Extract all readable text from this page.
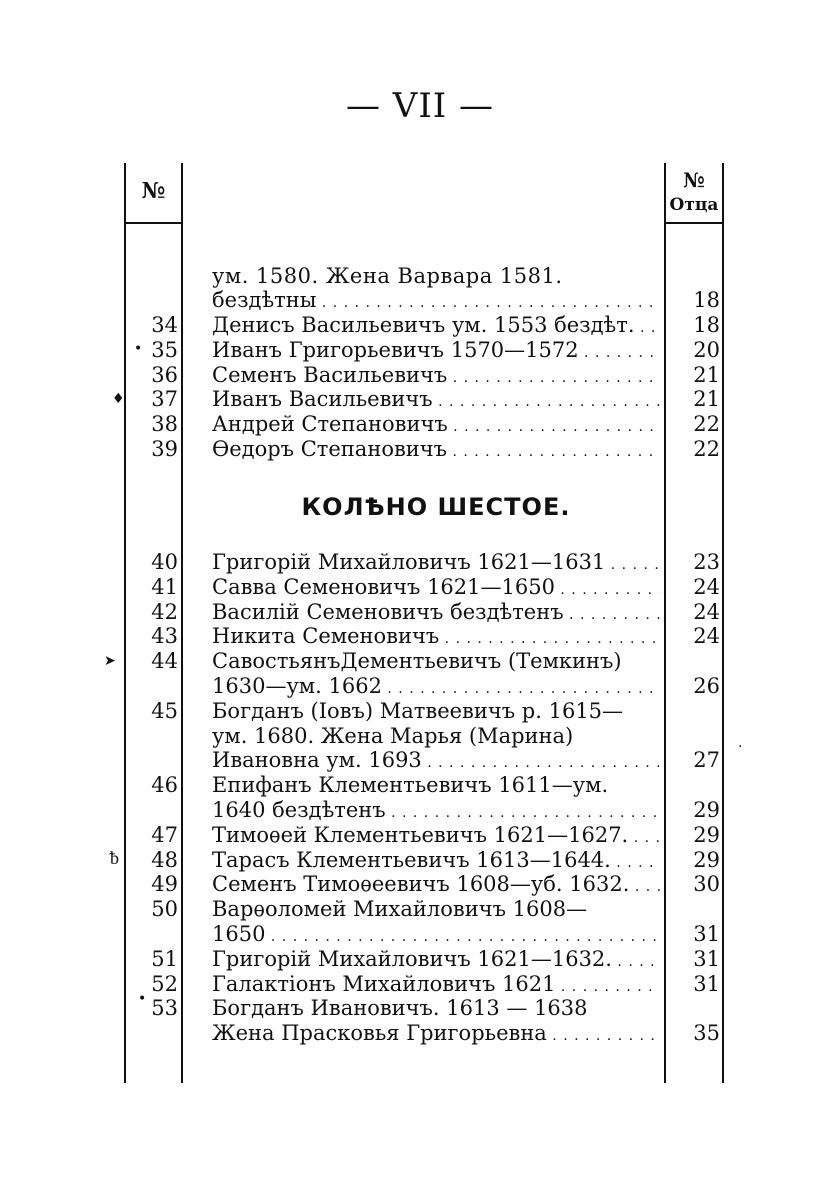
— VII —
№	№
Отца
ум. 1580. Жена Варвара 1581.
бездѣтны . . .	18
34 Денисъ Васильевичъ ум. 1553 бездѣт. . . .	18
35 Иванъ Григорьевичъ 1570—1572 . . .	20
36 Семенъ Васильевичъ . . .	21
37 Иванъ Васильевичъ . . .	21
38 Андрей Степановичъ . . .	22
39 Ѳедоръ Степановичъ . . .	22
КОЛѢНО ШЕСТОЕ.
40 Григорій Михайловичъ 1621—1631 . . .	23
41 Савва Семеновичъ 1621—1650 . . .	24
42 Василій Семеновичъ бездѣтенъ . . .	24
43 Никита Семеновичъ . . .	24
44 СавостьянъДементьевичъ (Темкинъ)
1630—ум. 1662 . . .	26
45 Богданъ (Іовъ) Матвеевичъ р. 1615—
ум. 1680. Жена Марья (Марина)
Ивановна ум. 1693 . . .	27
46 Епифанъ Клементьевичъ 1611—ум.
1640 бездѣтенъ . . .	29
47 Тимоѳей Клементьевичъ 1621—1627. . . .	29
48 Тарасъ Клементьевичъ 1613—1644. . . .	29
49 Семенъ Тимоѳеевичъ 1608—уб. 1632. . . .	30
50 Варѳоломей Михайловичъ 1608—
1650 . . .	31
51 Григорій Михайловичъ 1621—1632. . . .	31
52 Галактіонъ Михайловичъ 1621 . . .	31
53 Богданъ Ивановичъ. 1613 — 1638
Жена Прасковья Григорьевна . . .	35
•
♦
➤
ᵬ
•
·
